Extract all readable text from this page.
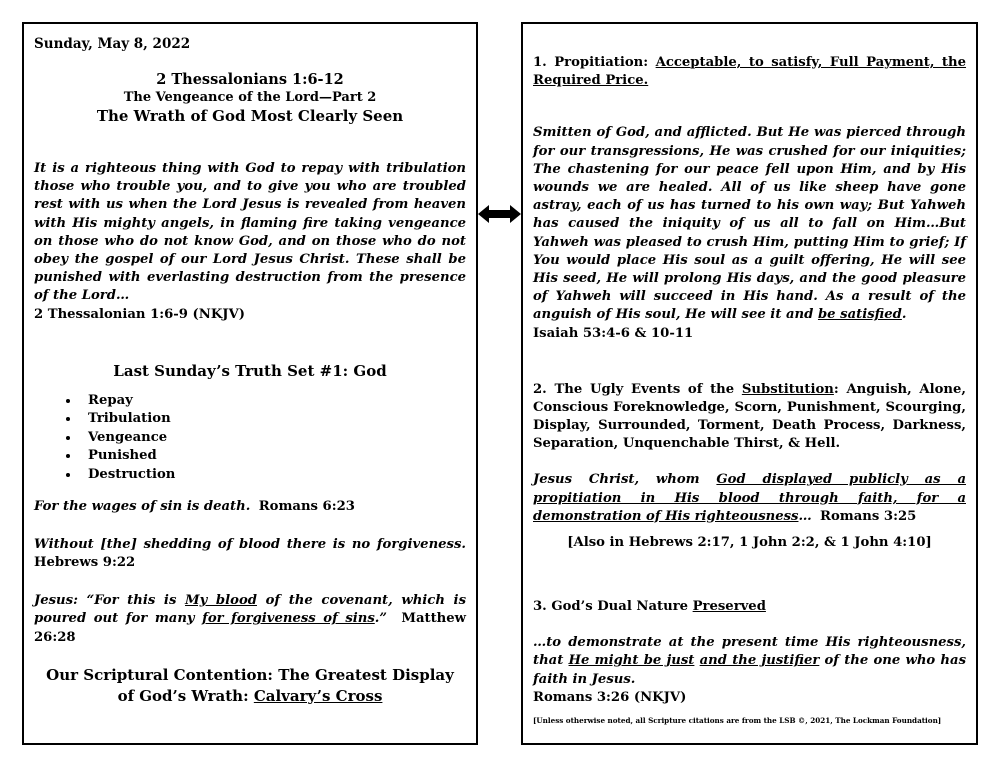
Sunday, May 8, 2022
2 Thessalonians 1:6-12
The Vengeance of the Lord—Part 2
The Wrath of God Most Clearly Seen
It is a righteous thing with God to repay with tribulation those who trouble you, and to give you who are troubled rest with us when the Lord Jesus is revealed from heaven with His mighty angels, in flaming fire taking vengeance on those who do not know God, and on those who do not obey the gospel of our Lord Jesus Christ. These shall be punished with everlasting destruction from the presence of the Lord…
2 Thessalonian 1:6-9 (NKJV)
Last Sunday’s Truth Set #1: God
• Repay
• Tribulation
• Vengeance
• Punished
• Destruction
For the wages of sin is death. Romans 6:23
Without [the] shedding of blood there is no forgiveness. Hebrews 9:22
Jesus: “For this is My blood of the covenant, which is poured out for many for forgiveness of sins.” Matthew 26:28
Our Scriptural Contention: The Greatest Display of God’s Wrath: Calvary’s Cross
1. Propitiation: Acceptable, to satisfy, Full Payment, the Required Price.
Smitten of God, and afflicted. But He was pierced through for our transgressions, He was crushed for our iniquities; The chastening for our peace fell upon Him, and by His wounds we are healed. All of us like sheep have gone astray, each of us has turned to his own way; But Yahweh has caused the iniquity of us all to fall on Him…But Yahweh was pleased to crush Him, putting Him to grief; If You would place His soul as a guilt offering, He will see His seed, He will prolong His days, and the good pleasure of Yahweh will succeed in His hand. As a result of the anguish of His soul, He will see it and be satisfied.
Isaiah 53:4-6 & 10-11
2. The Ugly Events of the Substitution: Anguish, Alone, Conscious Foreknowledge, Scorn, Punishment, Scourging, Display, Surrounded, Torment, Death Process, Darkness, Separation, Unquenchable Thirst, & Hell.
Jesus Christ, whom God displayed publicly as a propitiation in His blood through faith, for a demonstration of His righteousness… Romans 3:25
[Also in Hebrews 2:17, 1 John 2:2, & 1 John 4:10]
3. God’s Dual Nature Preserved
…to demonstrate at the present time His righteousness, that He might be just and the justifier of the one who has faith in Jesus.
Romans 3:26 (NKJV)
[Unless otherwise noted, all Scripture citations are from the LSB ©, 2021, The Lockman Foundation]
